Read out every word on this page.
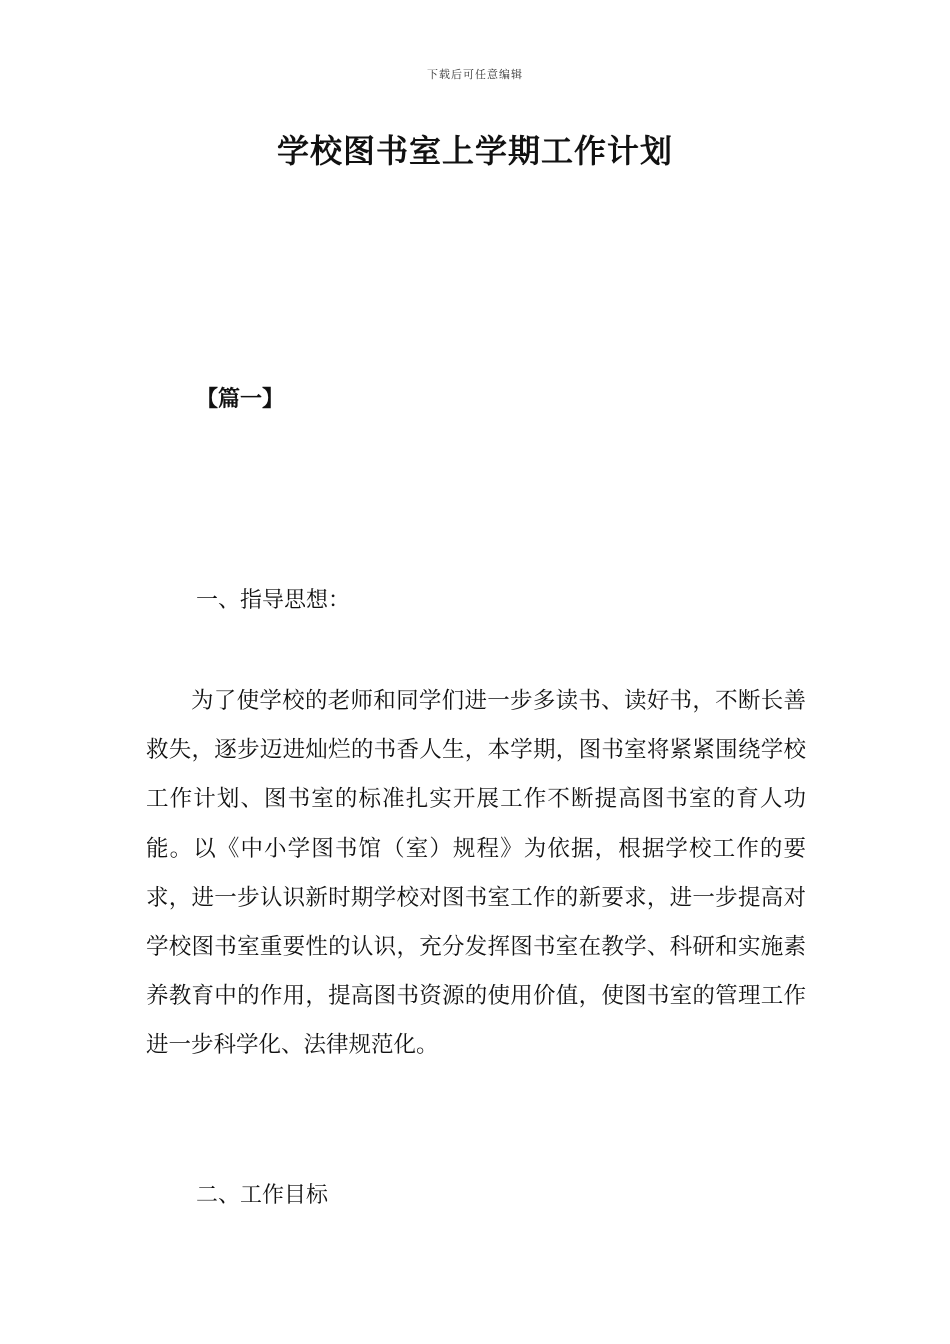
下载后可任意编辑
学校图书室上学期工作计划
【篇一】
一、指导思想：

为了使学校的老师和同学们进一步多读书、读好书，不断长善救失，逐步迈进灿烂的书香人生，本学期，图书室将紧紧围绕学校工作计划、图书室的标准扎实开展工作不断提高图书室的育人功能。以《中小学图书馆（室）规程》为依据，根据学校工作的要求，进一步认识新时期学校对图书室工作的新要求，进一步提高对学校图书室重要性的认识，充分发挥图书室在教学、科研和实施素养教育中的作用，提高图书资源的使用价值，使图书室的管理工作进一步科学化、法律规范化。

二、工作目标
